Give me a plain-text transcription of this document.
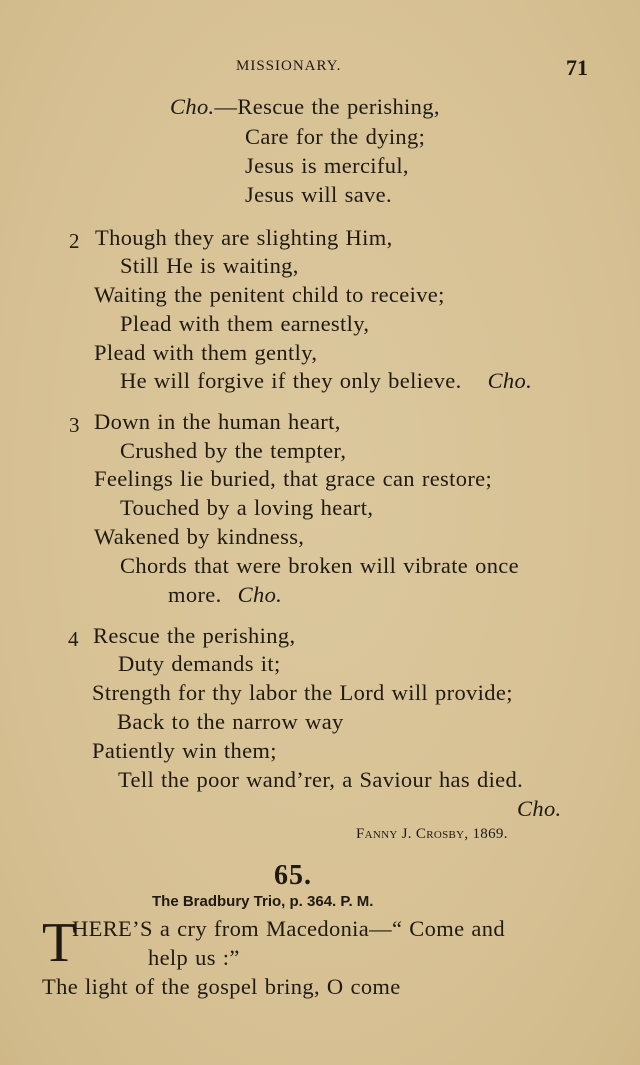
MISSIONARY.	71
Cho.—Rescue the perishing,
Care for the dying;
Jesus is merciful,
Jesus will save.
2 Though they are slighting Him,
Still He is waiting,
Waiting the penitent child to receive;
Plead with them earnestly,
Plead with them gently,
He will forgive if they only believe. Cho.
3 Down in the human heart,
Crushed by the tempter,
Feelings lie buried, that grace can restore;
Touched by a loving heart,
Wakened by kindness,
Chords that were broken will vibrate once
more. Cho.
4 Rescue the perishing,
Duty demands it;
Strength for thy labor the Lord will provide;
Back to the narrow way
Patiently win them;
Tell the poor wand’rer, a Saviour has died.
Cho.
Fanny J. Crosby, 1869.
65.
The Bradbury Trio, p. 364. P. M.
T
HERE’S a cry from Macedonia—“ Come and
help us :”
The light of the gospel bring, O come
